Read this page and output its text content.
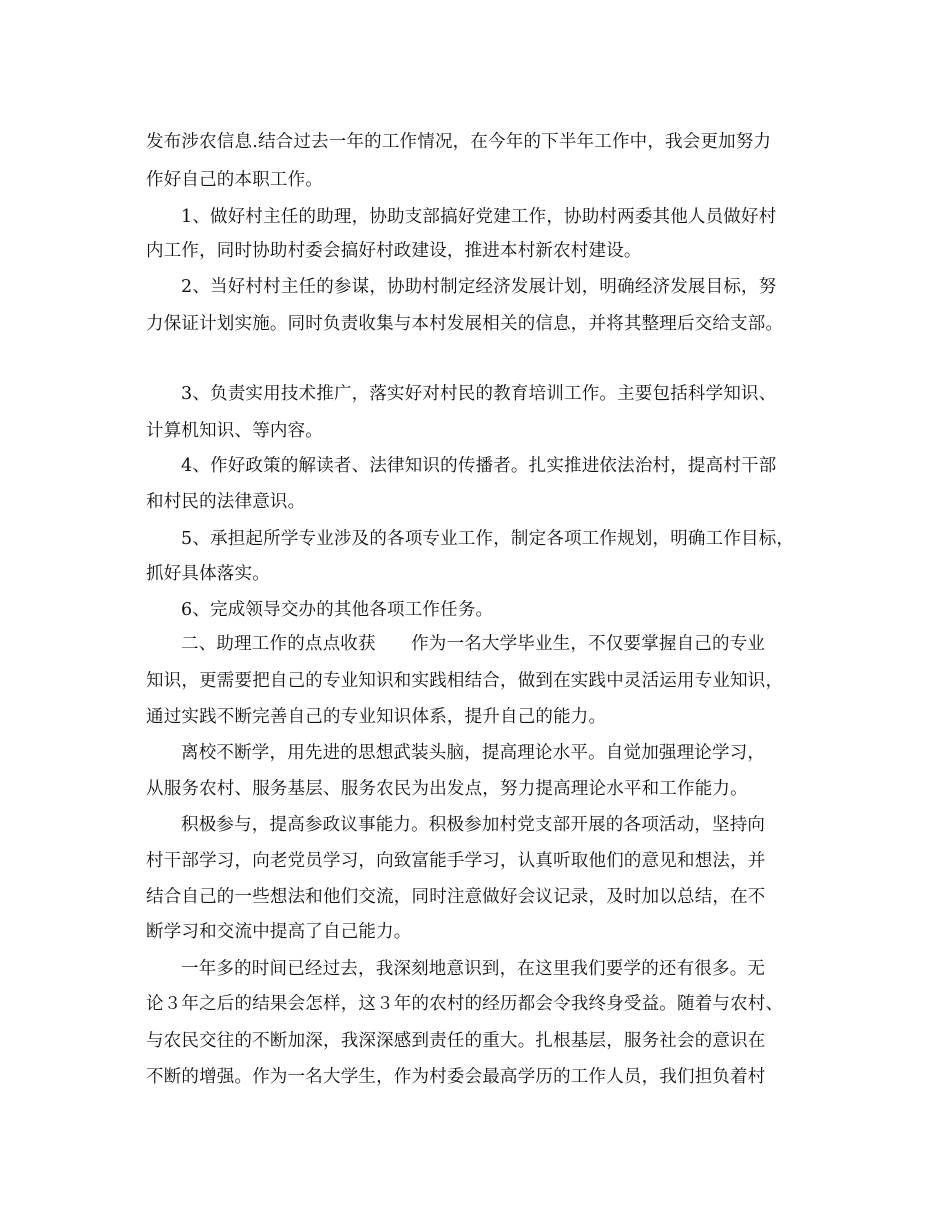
发布涉农信息.结合过去一年的工作情况，在今年的下半年工作中，我会更加努力
作好自己的本职工作。
1、做好村主任的助理，协助支部搞好党建工作，协助村两委其他人员做好村
内工作，同时协助村委会搞好村政建设，推进本村新农村建设。
2、当好村村主任的参谋，协助村制定经济发展计划，明确经济发展目标，努
力保证计划实施。同时负责收集与本村发展相关的信息，并将其整理后交给支部。
3、负责实用技术推广，落实好对村民的教育培训工作。主要包括科学知识、
计算机知识、等内容。
4、作好政策的解读者、法律知识的传播者。扎实推进依法治村，提高村干部
和村民的法律意识。
5、承担起所学专业涉及的各项专业工作，制定各项工作规划，明确工作目标，
抓好具体落实。
6、完成领导交办的其他各项工作任务。
二、助理工作的点点收获　　作为一名大学毕业生，不仅要掌握自己的专业
知识，更需要把自己的专业知识和实践相结合，做到在实践中灵活运用专业知识，
通过实践不断完善自己的专业知识体系，提升自己的能力。
离校不断学，用先进的思想武装头脑，提高理论水平。自觉加强理论学习，
从服务农村、服务基层、服务农民为出发点，努力提高理论水平和工作能力。
积极参与，提高参政议事能力。积极参加村党支部开展的各项活动，坚持向
村干部学习，向老党员学习，向致富能手学习，认真听取他们的意见和想法，并
结合自己的一些想法和他们交流，同时注意做好会议记录，及时加以总结，在不
断学习和交流中提高了自己能力。
一年多的时间已经过去，我深刻地意识到，在这里我们要学的还有很多。无
论３年之后的结果会怎样，这３年的农村的经历都会令我终身受益。随着与农村、
与农民交往的不断加深，我深深感到责任的重大。扎根基层，服务社会的意识在
不断的增强。作为一名大学生，作为村委会最高学历的工作人员，我们担负着村
